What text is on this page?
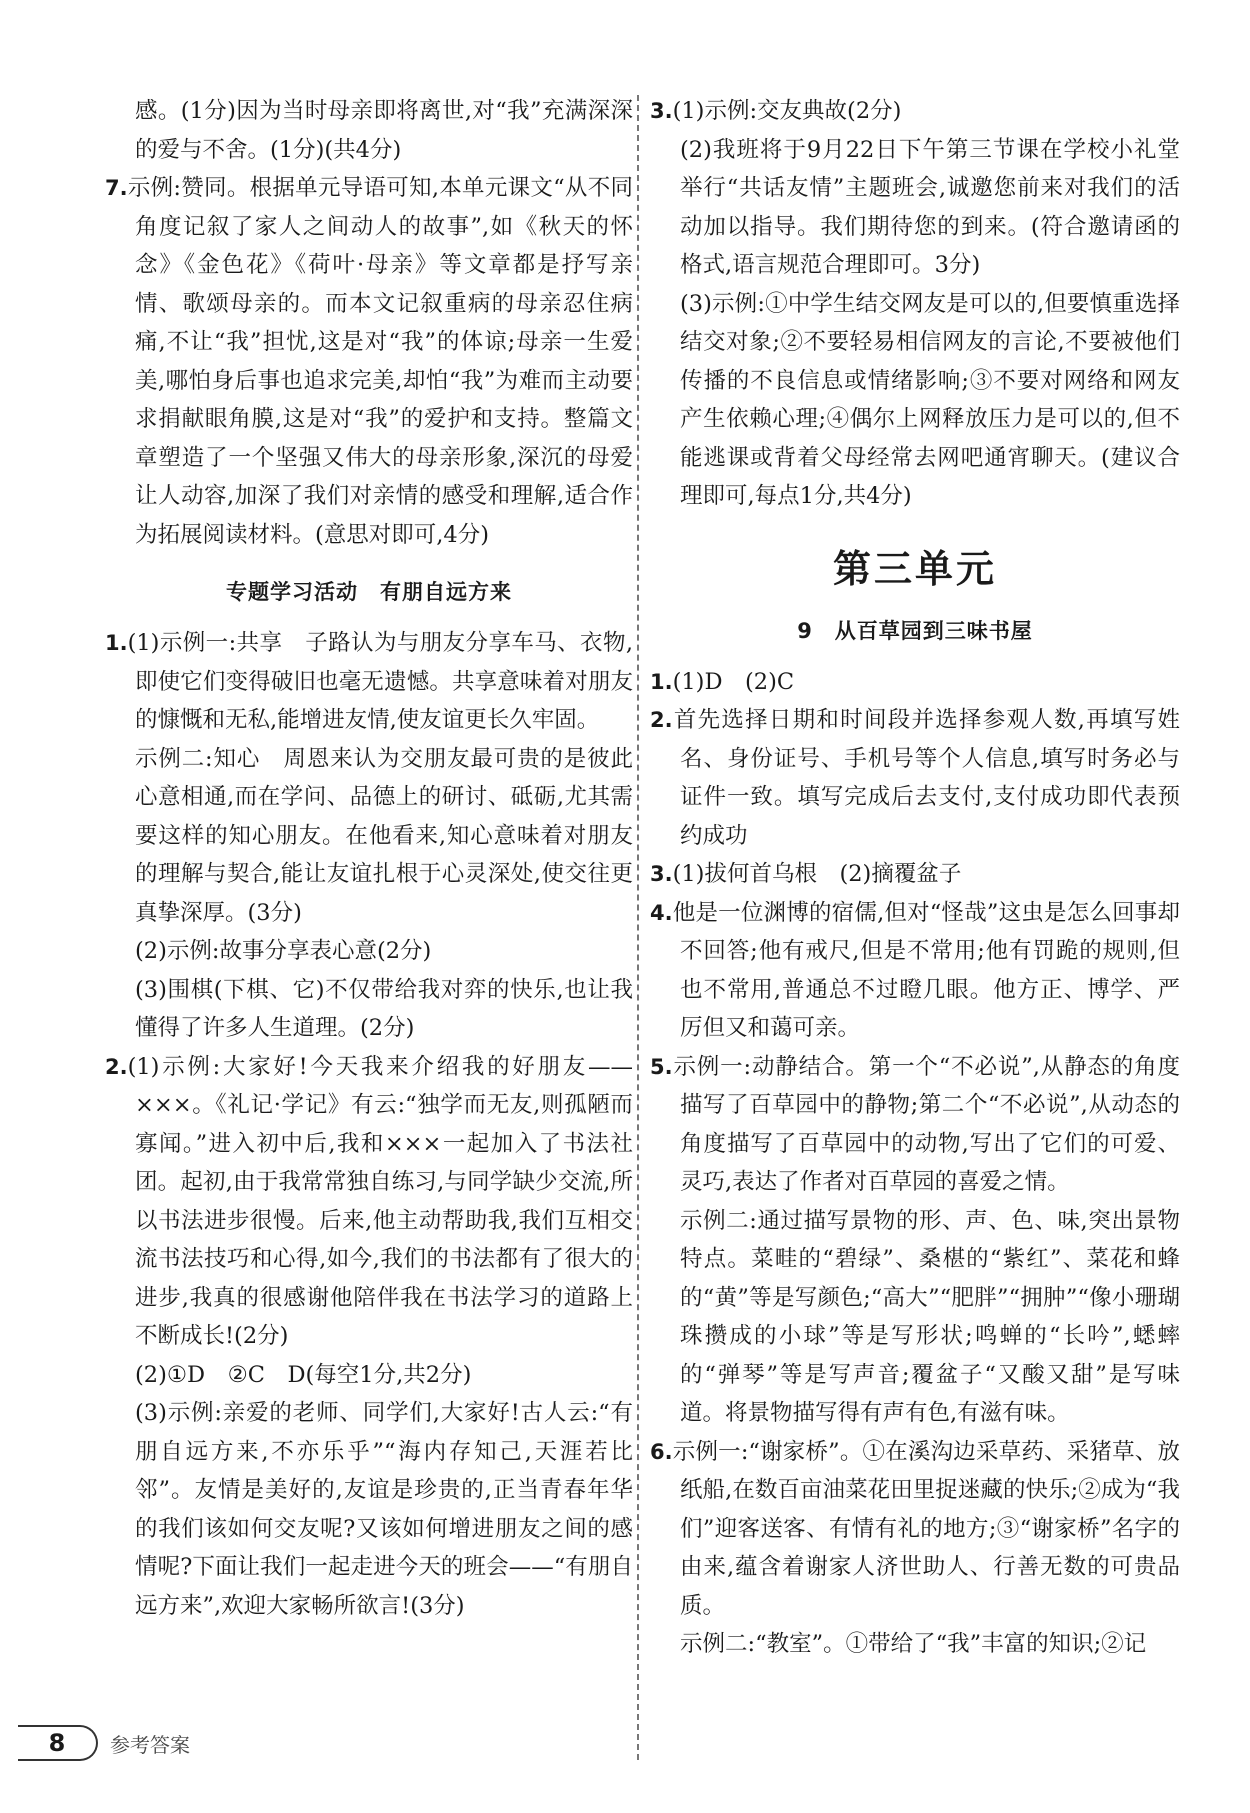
感。(1分)因为当时母亲即将离世,对“我”充满深深的爱与不舍。(1分)(共4分)

7.示例:赞同。根据单元导语可知,本单元课文“从不同角度记叙了家人之间动人的故事”,如《秋天的怀念》《金色花》《荷叶·母亲》等文章都是抒写亲情、歌颂母亲的。而本文记叙重病的母亲忍住病痛,不让“我”担忧,这是对“我”的体谅;母亲一生爱美,哪怕身后事也追求完美,却怕“我”为难而主动要求捐献眼角膜,这是对“我”的爱护和支持。整篇文章塑造了一个坚强又伟大的母亲形象,深沉的母爱让人动容,加深了我们对亲情的感受和理解,适合作为拓展阅读材料。(意思对即可,4分)

专题学习活动　有朋自远方来

1.(1)示例一:共享　子路认为与朋友分享车马、衣物,即使它们变得破旧也毫无遗憾。共享意味着对朋友的慷慨和无私,能增进友情,使友谊更长久牢固。

示例二:知心　周恩来认为交朋友最可贵的是彼此心意相通,而在学问、品德上的研讨、砥砺,尤其需要这样的知心朋友。在他看来,知心意味着对朋友的理解与契合,能让友谊扎根于心灵深处,使交往更真挚深厚。(3分)

(2)示例:故事分享表心意(2分)

(3)围棋(下棋、它)不仅带给我对弈的快乐,也让我懂得了许多人生道理。(2分)

2.(1)示例:大家好!今天我来介绍我的好朋友——×××。《礼记·学记》有云:“独学而无友,则孤陋而寡闻。”进入初中后,我和×××一起加入了书法社团。起初,由于我常常独自练习,与同学缺少交流,所以书法进步很慢。后来,他主动帮助我,我们互相交流书法技巧和心得,如今,我们的书法都有了很大的进步,我真的很感谢他陪伴我在书法学习的道路上不断成长!(2分)

(2)①D　②C　D(每空1分,共2分)

(3)示例:亲爱的老师、同学们,大家好!古人云:“有朋自远方来,不亦乐乎”“海内存知己,天涯若比邻”。友情是美好的,友谊是珍贵的,正当青春年华的我们该如何交友呢?又该如何增进朋友之间的感情呢?下面让我们一起走进今天的班会——“有朋自远方来”,欢迎大家畅所欲言!(3分)

3.(1)示例:交友典故(2分)

(2)我班将于9月22日下午第三节课在学校小礼堂举行“共话友情”主题班会,诚邀您前来对我们的活动加以指导。我们期待您的到来。(符合邀请函的格式,语言规范合理即可。3分)

(3)示例:①中学生结交网友是可以的,但要慎重选择结交对象;②不要轻易相信网友的言论,不要被他们传播的不良信息或情绪影响;③不要对网络和网友产生依赖心理;④偶尔上网释放压力是可以的,但不能逃课或背着父母经常去网吧通宵聊天。(建议合理即可,每点1分,共4分)

第三单元
9　从百草园到三味书屋

1.(1)D　(2)C

2.首先选择日期和时间段并选择参观人数,再填写姓名、身份证号、手机号等个人信息,填写时务必与证件一致。填写完成后去支付,支付成功即代表预约成功

3.(1)拔何首乌根　(2)摘覆盆子

4.他是一位渊博的宿儒,但对“怪哉”这虫是怎么回事却不回答;他有戒尺,但是不常用;他有罚跪的规则,但也不常用,普通总不过瞪几眼。他方正、博学、严厉但又和蔼可亲。

5.示例一:动静结合。第一个“不必说”,从静态的角度描写了百草园中的静物;第二个“不必说”,从动态的角度描写了百草园中的动物,写出了它们的可爱、灵巧,表达了作者对百草园的喜爱之情。

示例二:通过描写景物的形、声、色、味,突出景物特点。菜畦的“碧绿”、桑椹的“紫红”、菜花和蜂的“黄”等是写颜色;“高大”“肥胖”“拥肿”“像小珊瑚珠攒成的小球”等是写形状;鸣蝉的“长吟”,蟋蟀的“弹琴”等是写声音;覆盆子“又酸又甜”是写味道。将景物描写得有声有色,有滋有味。

6.示例一:“谢家桥”。①在溪沟边采草药、采猪草、放纸船,在数百亩油菜花田里捉迷藏的快乐;②成为“我们”迎客送客、有情有礼的地方;③“谢家桥”名字的由来,蕴含着谢家人济世助人、行善无数的可贵品质。

示例二:“教室”。①带给了“我”丰富的知识;②记

8	参考答案
